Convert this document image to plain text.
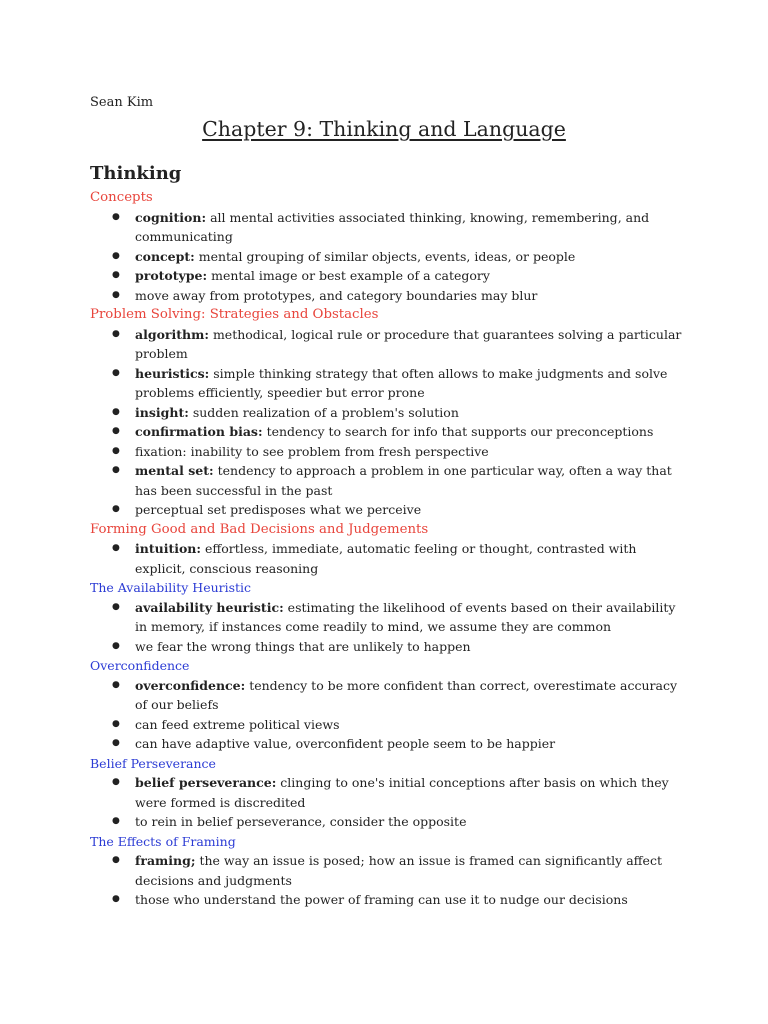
Sean Kim
Chapter 9: Thinking and Language
Thinking
Concepts
● cognition: all mental activities associated thinking, knowing, remembering, and communicating
● concept: mental grouping of similar objects, events, ideas, or people
● prototype: mental image or best example of a category
● move away from prototypes, and category boundaries may blur
Problem Solving: Strategies and Obstacles
● algorithm: methodical, logical rule or procedure that guarantees solving a particular problem
● heuristics: simple thinking strategy that often allows to make judgments and solve problems efficiently, speedier but error prone
● insight: sudden realization of a problem's solution
● confirmation bias: tendency to search for info that supports our preconceptions
● fixation: inability to see problem from fresh perspective
● mental set: tendency to approach a problem in one particular way, often a way that has been successful in the past
● perceptual set predisposes what we perceive
Forming Good and Bad Decisions and Judgements
● intuition: effortless, immediate, automatic feeling or thought, contrasted with explicit, conscious reasoning
The Availability Heuristic
● availability heuristic: estimating the likelihood of events based on their availability in memory, if instances come readily to mind, we assume they are common
● we fear the wrong things that are unlikely to happen
Overconfidence
● overconfidence: tendency to be more confident than correct, overestimate accuracy of our beliefs
● can feed extreme political views
● can have adaptive value, overconfident people seem to be happier
Belief Perseverance
● belief perseverance: clinging to one's initial conceptions after basis on which they were formed is discredited
● to rein in belief perseverance, consider the opposite
The Effects of Framing
● framing; the way an issue is posed; how an issue is framed can significantly affect decisions and judgments
● those who understand the power of framing can use it to nudge our decisions
